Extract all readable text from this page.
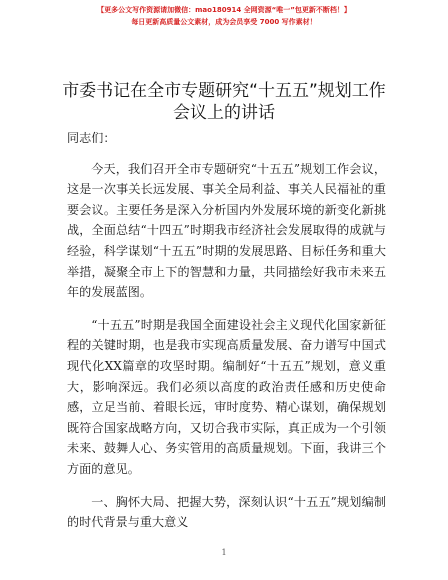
【更多公文写作资源请加微信：mao180914 全网资源“唯一”包更新不断档！】
每日更新高质量公文素材，成为会员享受 7000 写作素材！
市委书记在全市专题研究“十五五”规划工作
会议上的讲话

同志们：

今天，我们召开全市专题研究“十五五”规划工作会议，这是一次事关长远发展、事关全局利益、事关人民福祉的重要会议。主要任务是深入分析国内外发展环境的新变化新挑战，全面总结“十四五”时期我市经济社会发展取得的成就与经验，科学谋划“十五五”时期的发展思路、目标任务和重大举措，凝聚全市上下的智慧和力量，共同描绘好我市未来五年的发展蓝图。

“十五五”时期是我国全面建设社会主义现代化国家新征程的关键时期，也是我市实现高质量发展、奋力谱写中国式现代化XX篇章的攻坚时期。编制好“十五五”规划，意义重大，影响深远。我们必须以高度的政治责任感和历史使命感，立足当前、着眼长远，审时度势、精心谋划，确保规划既符合国家战略方向，又切合我市实际，真正成为一个引领未来、鼓舞人心、务实管用的高质量规划。下面，我讲三个方面的意见。

一、胸怀大局、把握大势，深刻认识“十五五”规划编制的时代背景与重大意义

1
